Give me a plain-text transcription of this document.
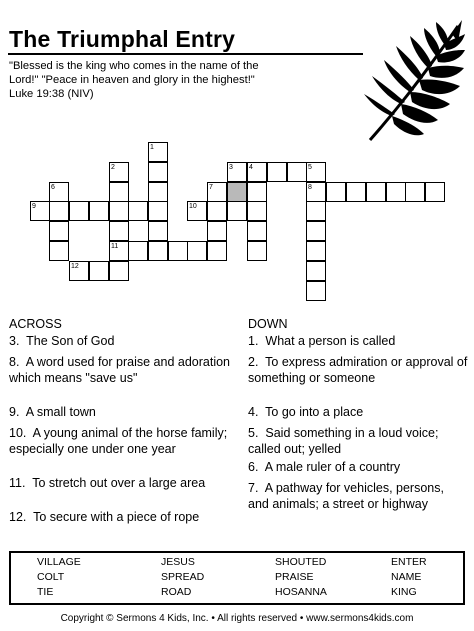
The Triumphal Entry
"Blessed is the king who comes in the name of the
Lord!" "Peace in heaven and glory in the highest!"
Luke 19:38 (NIV)
1
2	3 4	5
6	7	8
9	10
11
12
ACROSS
3. The Son of God
8. A word used for praise and adoration which means "save us"
9. A small town
10. A young animal of the horse family; especially one under one year
11. To stretch out over a large area
12. To secure with a piece of rope
DOWN
1. What a person is called
2. To express admiration or approval of something or someone
4. To go into a place
5. Said something in a loud voice; called out; yelled
6. A male ruler of a country
7. A pathway for vehicles, persons, and animals; a street or highway
VILLAGE	JESUS	SHOUTED	ENTER
COLT	SPREAD	PRAISE	NAME
TIE	ROAD	HOSANNA	KING
Copyright © Sermons 4 Kids, Inc. • All rights reserved • www.sermons4kids.com
